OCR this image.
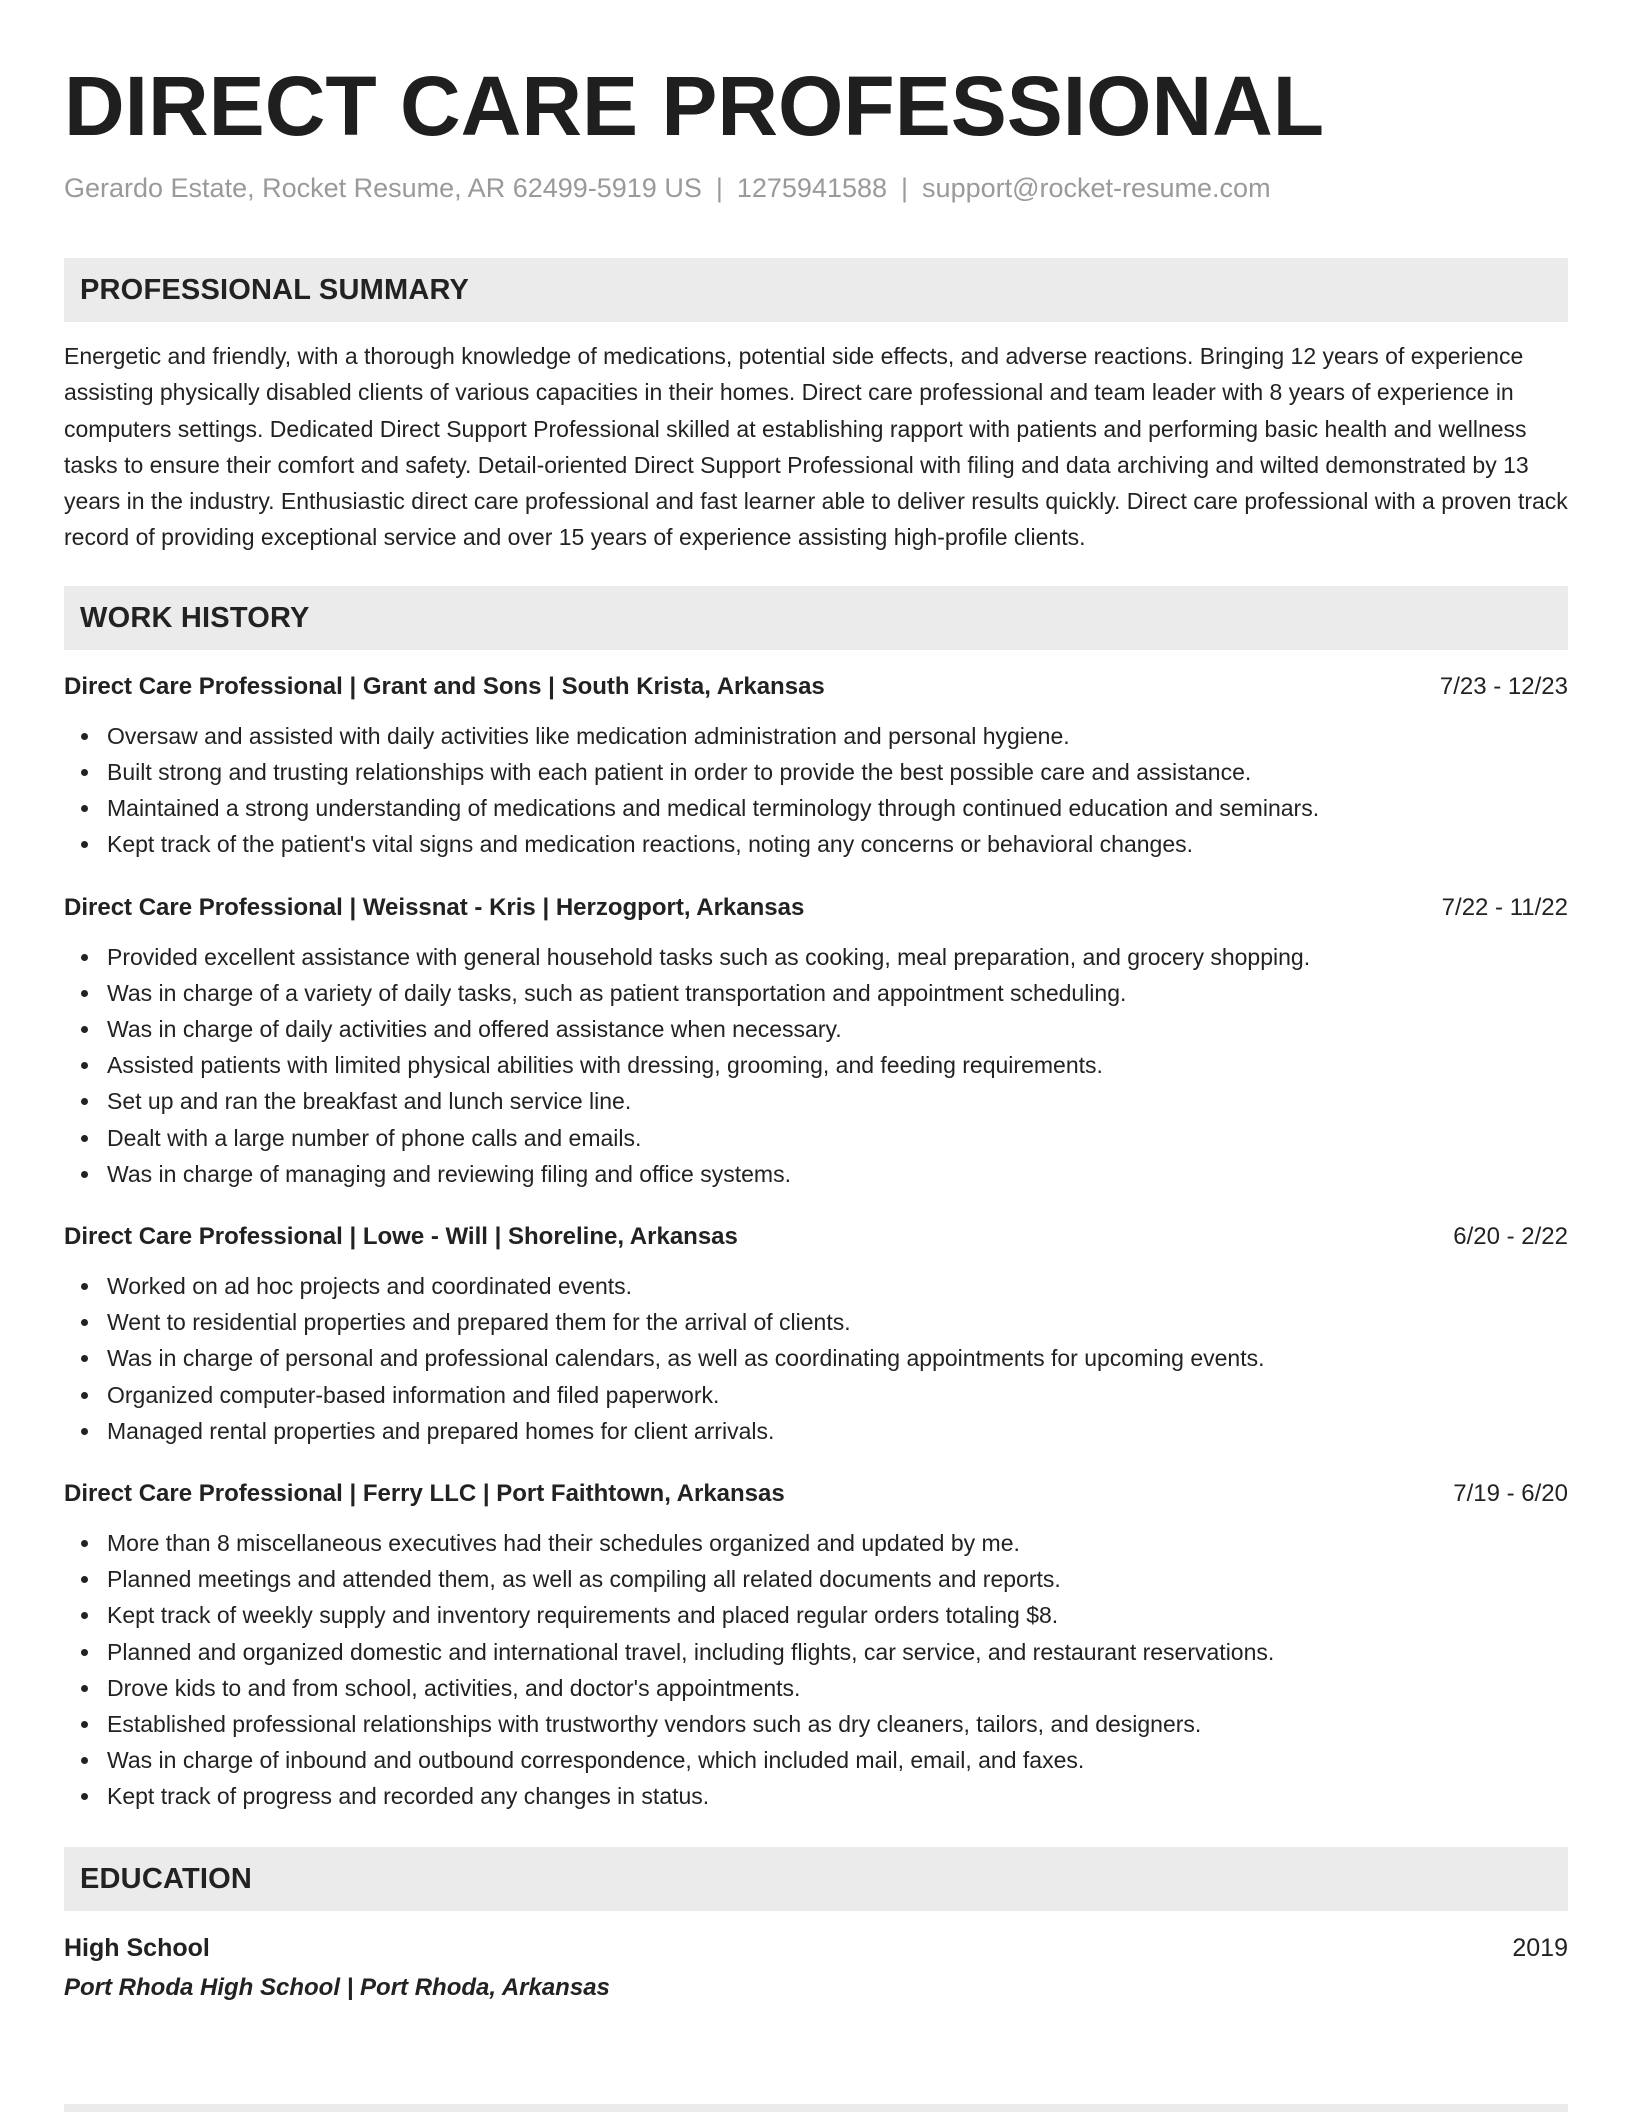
DIRECT CARE PROFESSIONAL
Gerardo Estate, Rocket Resume, AR 62499-5919 US | 1275941588 | support@rocket-resume.com
PROFESSIONAL SUMMARY

Energetic and friendly, with a thorough knowledge of medications, potential side effects, and adverse reactions. Bringing 12 years of experience assisting physically disabled clients of various capacities in their homes. Direct care professional and team leader with 8 years of experience in computers settings. Dedicated Direct Support Professional skilled at establishing rapport with patients and performing basic health and wellness tasks to ensure their comfort and safety. Detail-oriented Direct Support Professional with filing and data archiving and wilted demonstrated by 13 years in the industry. Enthusiastic direct care professional and fast learner able to deliver results quickly. Direct care professional with a proven track record of providing exceptional service and over 15 years of experience assisting high-profile clients.

WORK HISTORY
Direct Care Professional | Grant and Sons | South Krista, Arkansas	7/23 - 12/23
Oversaw and assisted with daily activities like medication administration and personal hygiene.
Built strong and trusting relationships with each patient in order to provide the best possible care and assistance.
Maintained a strong understanding of medications and medical terminology through continued education and seminars.
Kept track of the patient's vital signs and medication reactions, noting any concerns or behavioral changes.
Direct Care Professional | Weissnat - Kris | Herzogport, Arkansas	7/22 - 11/22
Provided excellent assistance with general household tasks such as cooking, meal preparation, and grocery shopping.
Was in charge of a variety of daily tasks, such as patient transportation and appointment scheduling.
Was in charge of daily activities and offered assistance when necessary.
Assisted patients with limited physical abilities with dressing, grooming, and feeding requirements.
Set up and ran the breakfast and lunch service line.
Dealt with a large number of phone calls and emails.
Was in charge of managing and reviewing filing and office systems.
Direct Care Professional | Lowe - Will | Shoreline, Arkansas	6/20 - 2/22
Worked on ad hoc projects and coordinated events.
Went to residential properties and prepared them for the arrival of clients.
Was in charge of personal and professional calendars, as well as coordinating appointments for upcoming events.
Organized computer-based information and filed paperwork.
Managed rental properties and prepared homes for client arrivals.
Direct Care Professional | Ferry LLC | Port Faithtown, Arkansas	7/19 - 6/20
More than 8 miscellaneous executives had their schedules organized and updated by me.
Planned meetings and attended them, as well as compiling all related documents and reports.
Kept track of weekly supply and inventory requirements and placed regular orders totaling $8.
Planned and organized domestic and international travel, including flights, car service, and restaurant reservations.
Drove kids to and from school, activities, and doctor's appointments.
Established professional relationships with trustworthy vendors such as dry cleaners, tailors, and designers.
Was in charge of inbound and outbound correspondence, which included mail, email, and faxes.
Kept track of progress and recorded any changes in status.
EDUCATION
High School	2019
Port Rhoda High School | Port Rhoda, Arkansas
